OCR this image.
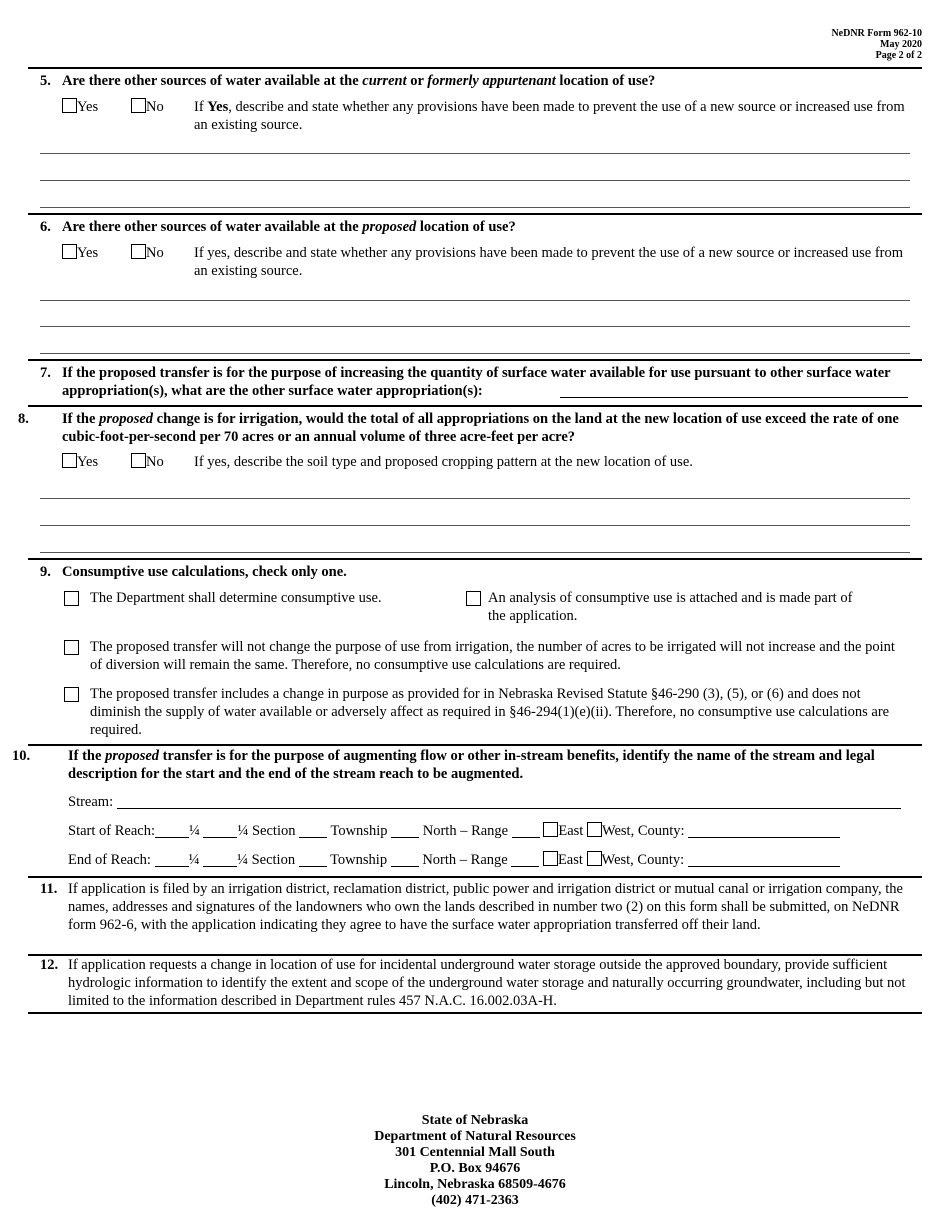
NeDNR Form 962-10
May 2020
Page 2 of 2
5. Are there other sources of water available at the current or formerly appurtenant location of use?
Yes	No If Yes, describe and state whether any provisions have been made to prevent the use of a new source or increased use from an existing source.
6. Are there other sources of water available at the proposed location of use?
Yes	No If yes, describe and state whether any provisions have been made to prevent the use of a new source or increased use from an existing source.
7. If the proposed transfer is for the purpose of increasing the quantity of surface water available for use pursuant to other surface water appropriation(s), what are the other surface water appropriation(s):
8. If the proposed change is for irrigation, would the total of all appropriations on the land at the new location of use exceed the rate of one cubic-foot-per-second per 70 acres or an annual volume of three acre-feet per acre?
Yes	No If yes, describe the soil type and proposed cropping pattern at the new location of use.
9. Consumptive use calculations, check only one.
The Department shall determine consumptive use.	An analysis of consumptive use is attached and is made part of the application.
The proposed transfer will not change the purpose of use from irrigation, the number of acres to be irrigated will not increase and the point of diversion will remain the same. Therefore, no consumptive use calculations are required.
The proposed transfer includes a change in purpose as provided for in Nebraska Revised Statute §46-290 (3), (5), or (6) and does not diminish the supply of water available or adversely affect as required in §46-294(1)(e)(ii). Therefore, no consumptive use calculations are required.
10.	If the proposed transfer is for the purpose of augmenting flow or other in-stream benefits, identify the name of the stream and legal description for the start and the end of the stream reach to be augmented.
Stream:
Start of Reach: ¼	¼ Section Township North – Range	East West, County:
End of Reach:	¼	¼ Section Township North – Range	East West, County:
11. If application is filed by an irrigation district, reclamation district, public power and irrigation district or mutual canal or irrigation company, the names, addresses and signatures of the landowners who own the lands described in number two (2) on this form shall be submitted, on NeDNR form 962-6, with the application indicating they agree to have the surface water appropriation transferred off their land.
12. If application requests a change in location of use for incidental underground water storage outside the approved boundary, provide sufficient hydrologic information to identify the extent and scope of the underground water storage and naturally occurring groundwater, including but not limited to the information described in Department rules 457 N.A.C. 16.002.03A-H.
State of Nebraska
Department of Natural Resources
301 Centennial Mall South
P.O. Box 94676
Lincoln, Nebraska 68509-4676
(402) 471-2363
